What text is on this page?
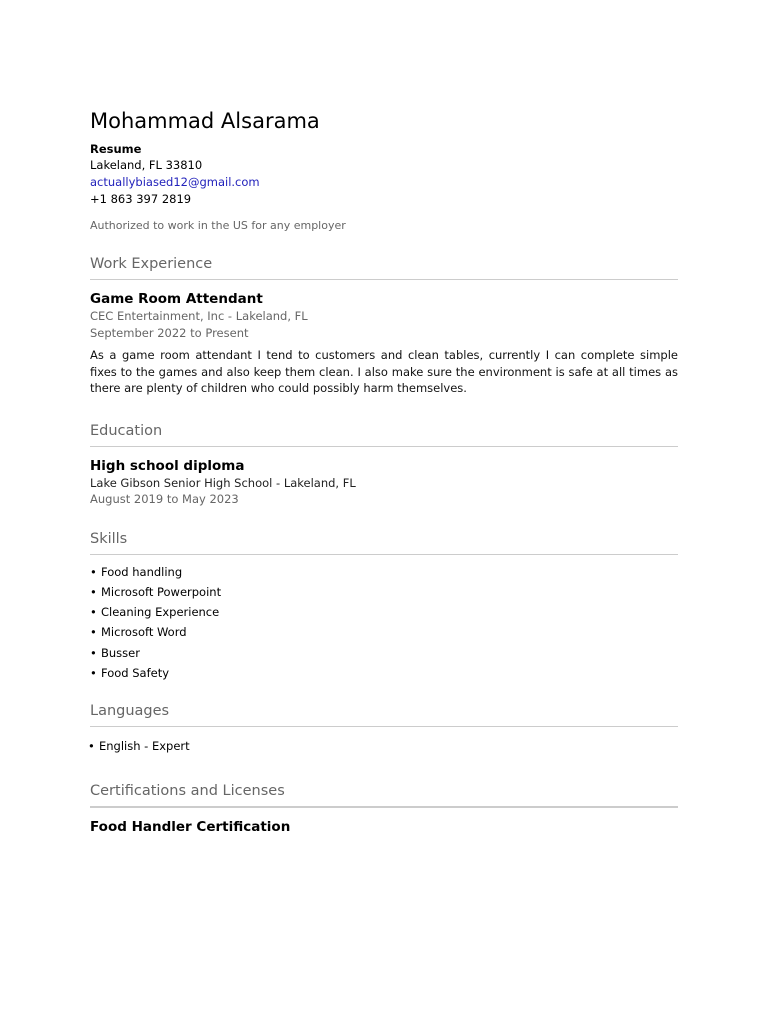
Mohammad Alsarama
Resume
Lakeland, FL 33810
actuallybiased12@gmail.com
+1 863 397 2819
Authorized to work in the US for any employer
Work Experience
Game Room Attendant
CEC Entertainment, Inc - Lakeland, FL
September 2022 to Present
As a game room attendant I tend to customers and clean tables, currently I can complete simple fixes to the games and also keep them clean. I also make sure the environment is safe at all times as there are plenty of children who could possibly harm themselves.
Education
High school diploma
Lake Gibson Senior High School - Lakeland, FL
August 2019 to May 2023
Skills
• Food handling
• Microsoft Powerpoint
• Cleaning Experience
• Microsoft Word
• Busser
• Food Safety
Languages
• English - Expert
Certifications and Licenses
Food Handler Certification
